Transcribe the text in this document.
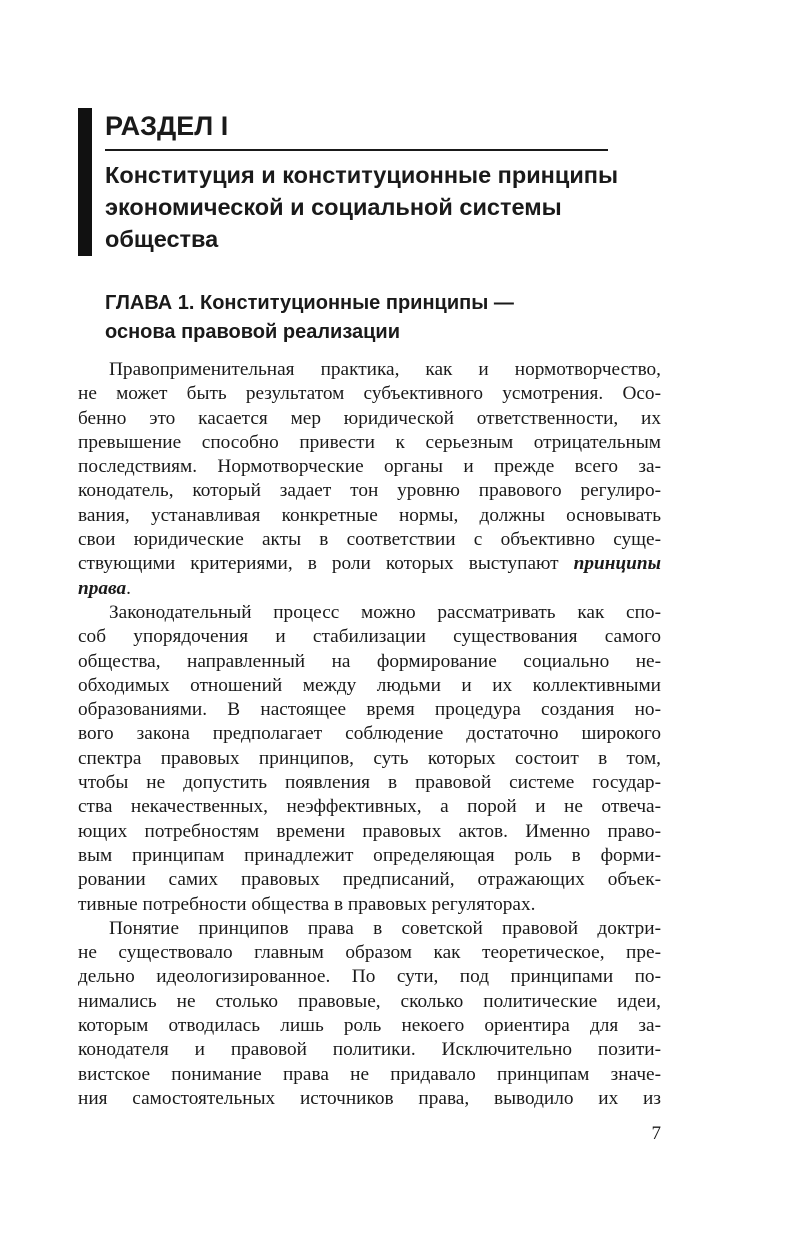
РАЗДЕЛ I
Конституция и конституционные принципы
экономической и социальной системы
общества
ГЛАВА 1. Конституционные принципы —
основа правовой реализации
Правоприменительная практика, как и нормотворчество,
не может быть результатом субъективного усмотрения. Осо-
бенно это касается мер юридической ответственности, их
превышение способно привести к серьезным отрицательным
последствиям. Нормотворческие органы и прежде всего за-
конодатель, который задает тон уровню правового регулиро-
вания, устанавливая конкретные нормы, должны основывать
свои юридические акты в соответствии с объективно суще-
ствующими критериями, в роли которых выступают принципы
права.
Законодательный процесс можно рассматривать как спо-
соб упорядочения и стабилизации существования самого
общества, направленный на формирование социально не-
обходимых отношений между людьми и их коллективными
образованиями. В настоящее время процедура создания но-
вого закона предполагает соблюдение достаточно широкого
спектра правовых принципов, суть которых состоит в том,
чтобы не допустить появления в правовой системе государ-
ства некачественных, неэффективных, а порой и не отвеча-
ющих потребностям времени правовых актов. Именно право-
вым принципам принадлежит определяющая роль в форми-
ровании самих правовых предписаний, отражающих объек-
тивные потребности общества в правовых регуляторах.
Понятие принципов права в советской правовой доктри-
не существовало главным образом как теоретическое, пре-
дельно идеологизированное. По сути, под принципами по-
нимались не столько правовые, сколько политические идеи,
которым отводилась лишь роль некоего ориентира для за-
конодателя и правовой политики. Исключительно позити-
вистское понимание права не придавало принципам значе-
ния самостоятельных источников права, выводило их из
7
